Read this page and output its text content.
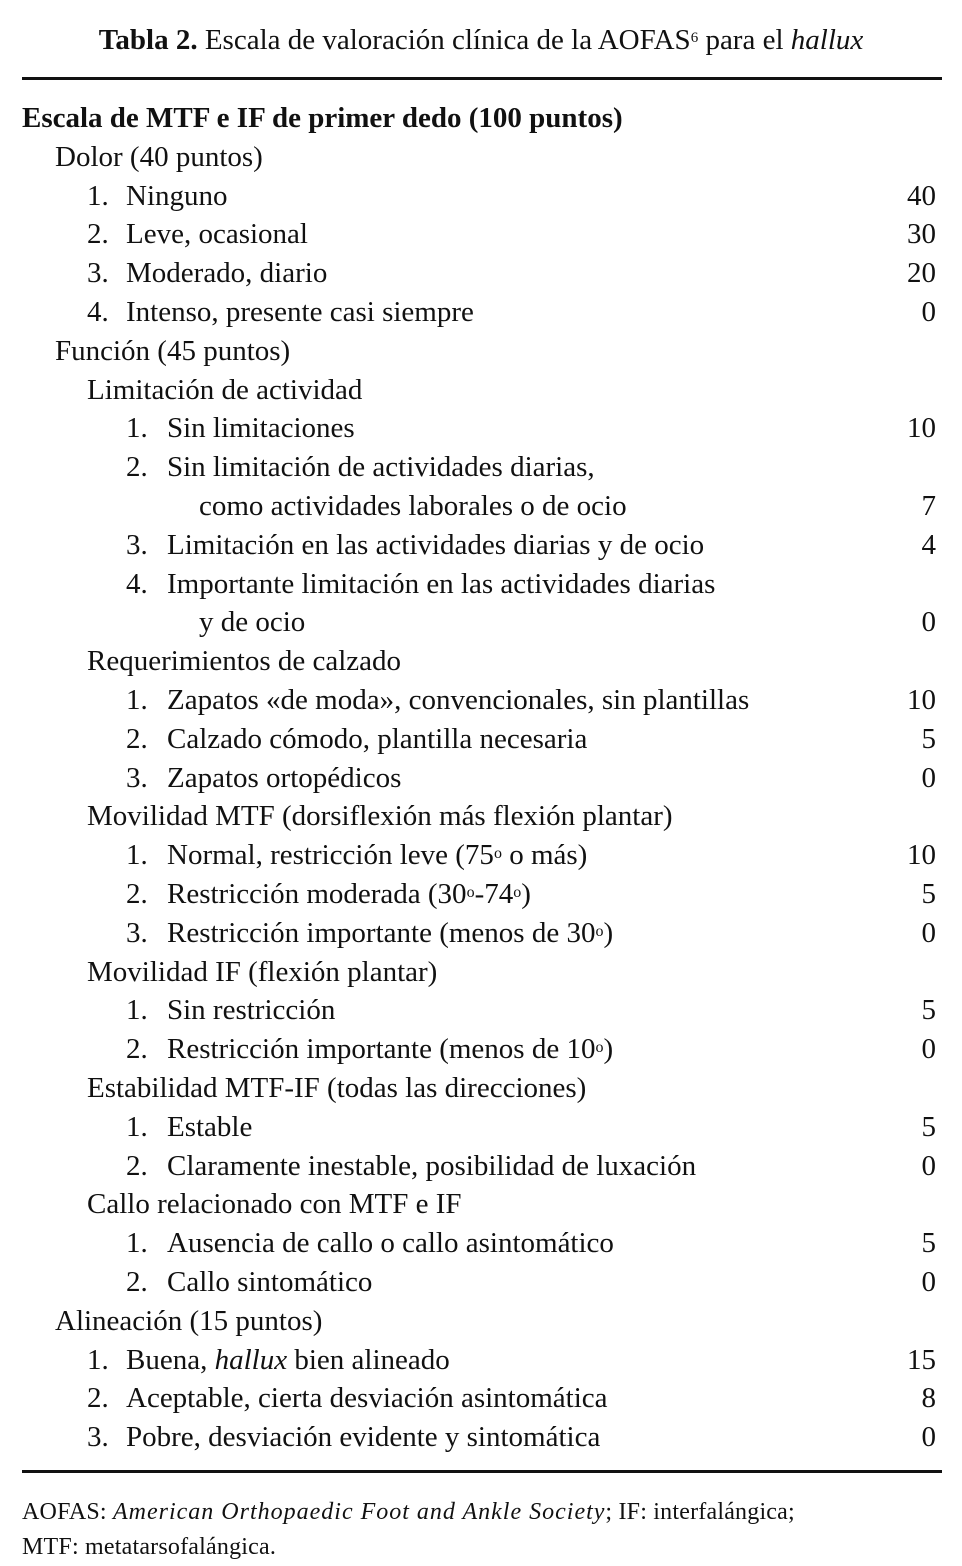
Tabla 2. Escala de valoración clínica de la AOFAS$^6$ para el hallux
Escala de MTF e IF de primer dedo (100 puntos)
Dolor (40 puntos)
1. Ninguno	40
2. Leve, ocasional	30
3. Moderado, diario	20
4. Intenso, presente casi siempre	0
Función (45 puntos)
Limitación de actividad
1. Sin limitaciones	10
2. Sin limitación de actividades diarias,
como actividades laborales o de ocio	7
3. Limitación en las actividades diarias y de ocio	4
4. Importante limitación en las actividades diarias
y de ocio	0
Requerimientos de calzado
1. Zapatos «de moda», convencionales, sin plantillas	10
2. Calzado cómodo, plantilla necesaria	5
3. Zapatos ortopédicos	0
Movilidad MTF (dorsiflexión más flexión plantar)
1. Normal, restricción leve (75$^o$ o más)	10
2. Restricción moderada (30$^o$-74$^o$)	5
3. Restricción importante (menos de 30$^o$)	0
Movilidad IF (flexión plantar)
1. Sin restricción	5
2. Restricción importante (menos de 10$^o$)	0
Estabilidad MTF-IF (todas las direcciones)
1. Estable	5
2. Claramente inestable, posibilidad de luxación	0
Callo relacionado con MTF e IF
1. Ausencia de callo o callo asintomático	5
2. Callo sintomático	0
Alineación (15 puntos)
1. Buena, hallux bien alineado	15
2. Aceptable, cierta desviación asintomática	8
3. Pobre, desviación evidente y sintomática	0
AOFAS: American Orthopaedic Foot and Ankle Society; IF: interfalángica;
MTF: metatarsofalángica.
